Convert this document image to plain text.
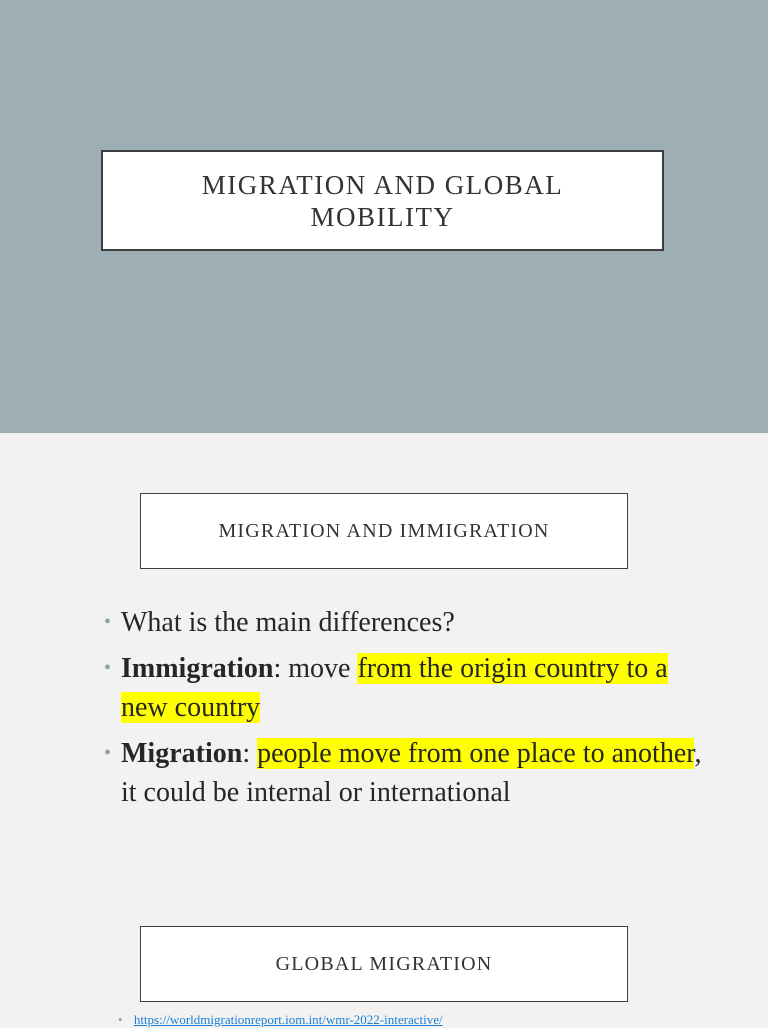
MIGRATION AND GLOBAL
MOBILITY
MIGRATION AND IMMIGRATION
• What is the main differences?
• Immigration: move from the origin country to a new country
• Migration: people move from one place to another, it could be internal or international
GLOBAL MIGRATION
• https://worldmigrationreport.iom.int/wmr-2022-interactive/
